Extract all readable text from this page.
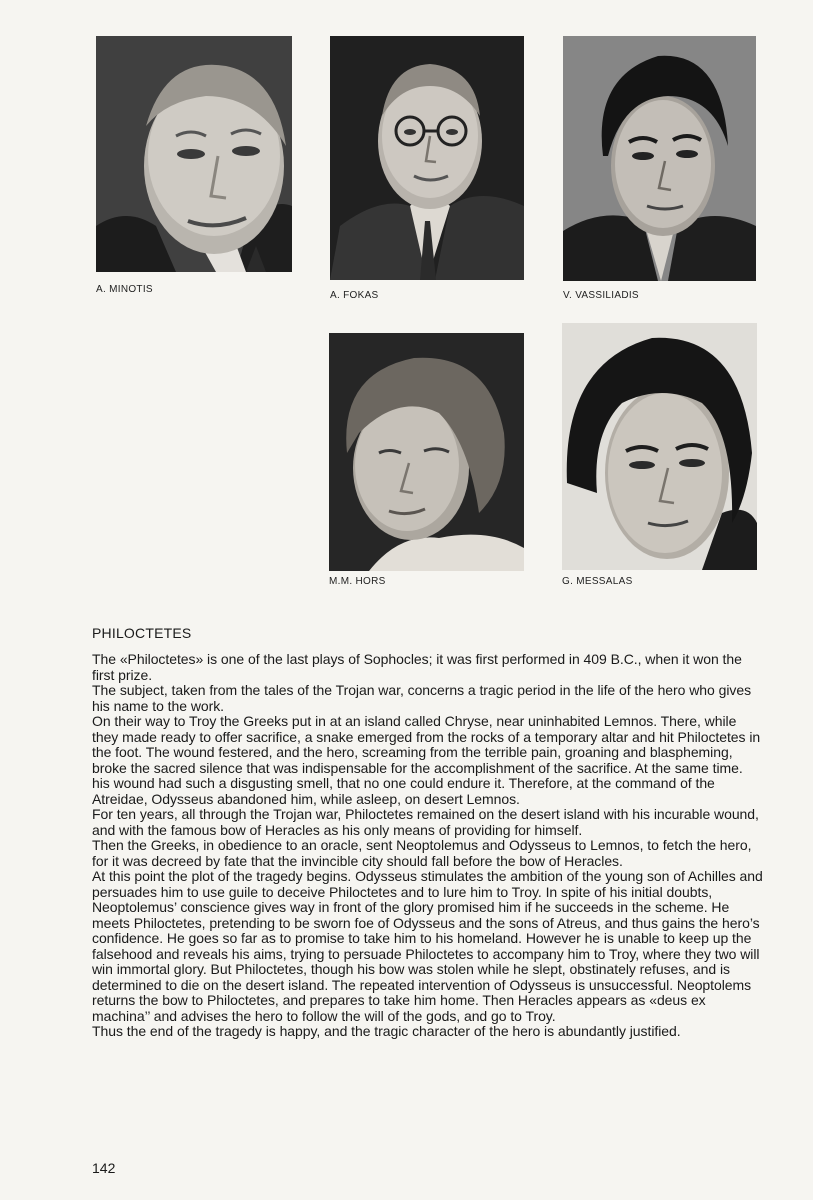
A. MINOTIS
A. FOKAS	V. VASSILIADIS
M.M. HORS	G. MESSALAS
PHILOCTETES

The «Philoctetes» is one of the last plays of Sophocles; it was first performed in 409 B.C., when it won the first prize.

The subject, taken from the tales of the Trojan war, concerns a tragic period in the life of the hero who gives his name to the work.

On their way to Troy the Greeks put in at an island called Chryse, near uninhabited Lemnos. There, while they made ready to offer sacrifice, a snake emerged from the rocks of a temporary altar and hit Philoctetes in the foot. The wound festered, and the hero, screaming from the terrible pain, groaning and blaspheming, broke the sacred silence that was indispensable for the accomplishment of the sacrifice. At the same time. his wound had such a disgusting smell, that no one could endure it. Therefore, at the command of the Atreidae, Odysseus abandoned him, while asleep, on desert Lemnos.

For ten years, all through the Trojan war, Philoctetes remained on the desert island with his incurable wound, and with the famous bow of Heracles as his only means of providing for himself.

Then the Greeks, in obedience to an oracle, sent Neoptolemus and Odysseus to Lemnos, to fetch the hero, for it was decreed by fate that the invincible city should fall before the bow of Heracles.

At this point the plot of the tragedy begins. Odysseus stimulates the ambition of the young son of Achilles and persuades him to use guile to deceive Philoctetes and to lure him to Troy. In spite of his initial doubts, Neoptolemus’ conscience gives way in front of the glory promised him if he succeeds in the scheme. He meets Philoctetes, pretending to be sworn foe of Odysseus and the sons of Atreus, and thus gains the hero’s confidence. He goes so far as to promise to take him to his homeland. However he is unable to keep up the falsehood and reveals his aims, trying to persuade Philoctetes to accompany him to Troy, where they two will win immortal glory. But Philoctetes, though his bow was stolen while he slept, obstinately refuses, and is determined to die on the desert island. The repeated intervention of Odysseus is unsuccessful. Neoptolems returns the bow to Philoctetes, and prepares to take him home. Then Heracles appears as «deus ex machina’’ and advises the hero to follow the will of the gods, and go to Troy.

Thus the end of the tragedy is happy, and the tragic character of the hero is abundantly justified.

142
